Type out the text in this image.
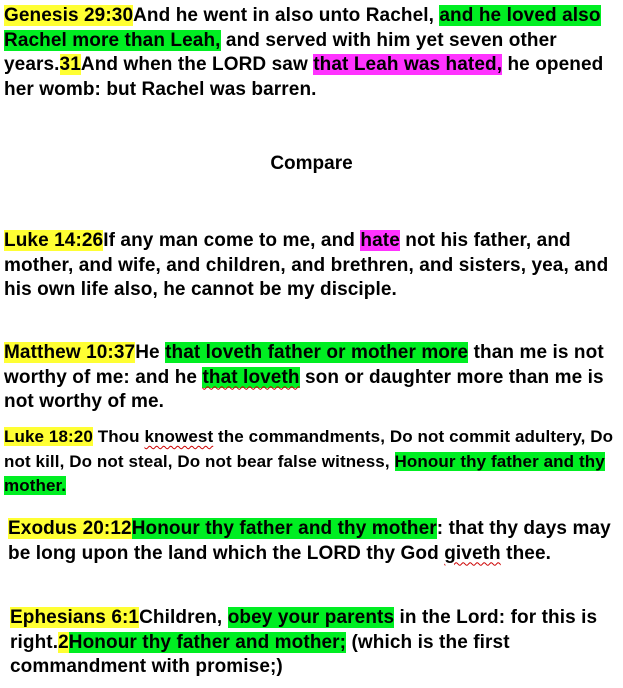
Genesis 29:30And he went in also unto Rachel, and he loved also Rachel more than Leah, and served with him yet seven other years.31And when the LORD saw that Leah was hated, he opened her womb: but Rachel was barren.
Compare
Luke 14:26If any man come to me, and hate not his father, and mother, and wife, and children, and brethren, and sisters, yea, and his own life also, he cannot be my disciple.
Matthew 10:37He that loveth father or mother more than me is not worthy of me: and he that loveth son or daughter more than me is not worthy of me.
Luke 18:20 Thou knowest the commandments, Do not commit adultery, Do not kill, Do not steal, Do not bear false witness, Honour thy father and thy mother.
Exodus 20:12Honour thy father and thy mother: that thy days may be long upon the land which the LORD thy God giveth thee.
Ephesians 6:1Children, obey your parents in the Lord: for this is right.2Honour thy father and mother; (which is the first commandment with promise;)
